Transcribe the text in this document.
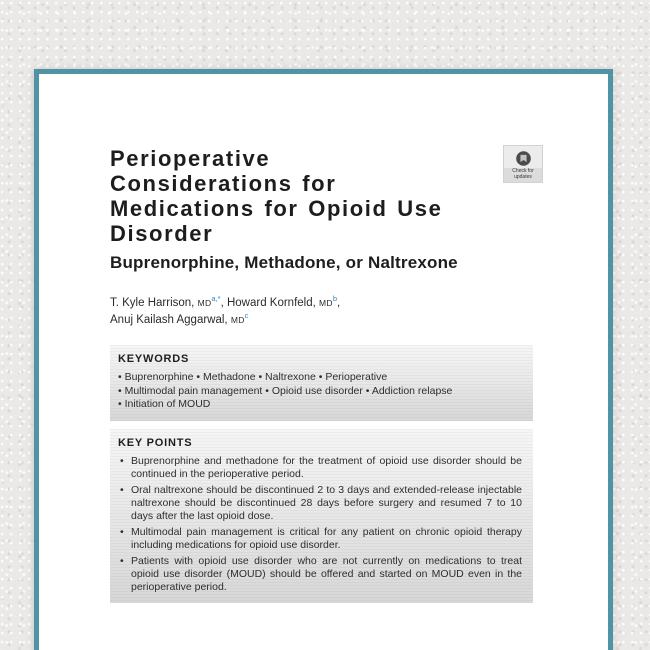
Check for updates
Perioperative
Considerations for
Medications for Opioid Use
Disorder
Buprenorphine, Methadone, or Naltrexone

T. Kyle Harrison, $MD^{a,*}$, Howard Kornfeld, $MD^b$,
Anuj Kailash Aggarwal, $MD^c$

KEYWORDS
• Buprenorphine • Methadone • Naltrexone • Perioperative
• Multimodal pain management • Opioid use disorder • Addiction relapse
• Initiation of MOUD
KEY POINTS
• Buprenorphine and methadone for the treatment of opioid use disorder should be continued in the perioperative period.
• Oral naltrexone should be discontinued 2 to 3 days and extended-release injectable naltrexone should be discontinued 28 days before surgery and resumed 7 to 10 days after the last opioid dose.
• Multimodal pain management is critical for any patient on chronic opioid therapy including medications for opioid use disorder.
• Patients with opioid use disorder who are not currently on medications to treat opioid use disorder (MOUD) should be offered and started on MOUD even in the perioperative period.
